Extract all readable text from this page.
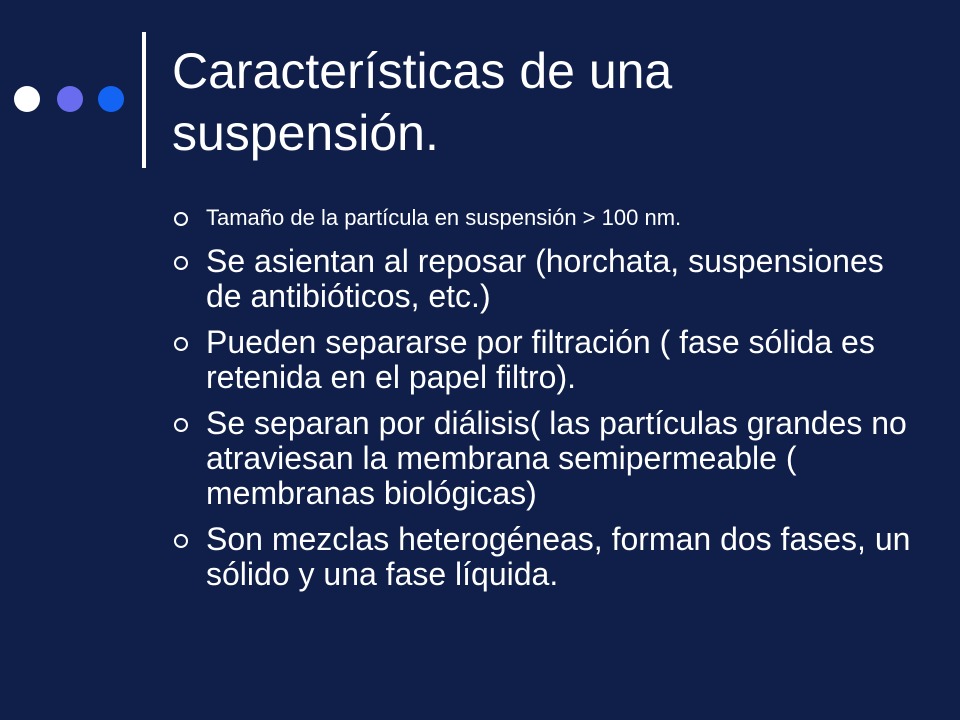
Características de una suspensión.
Tamaño de la partícula en suspensión > 100 nm.
Se asientan al reposar (horchata, suspensiones de antibióticos, etc.)
Pueden separarse por filtración ( fase sólida es retenida en el papel filtro).
Se separan por diálisis( las partículas grandes no atraviesan la membrana semipermeable ( membranas biológicas)
Son mezclas heterogéneas, forman dos fases, un sólido y una fase líquida.
